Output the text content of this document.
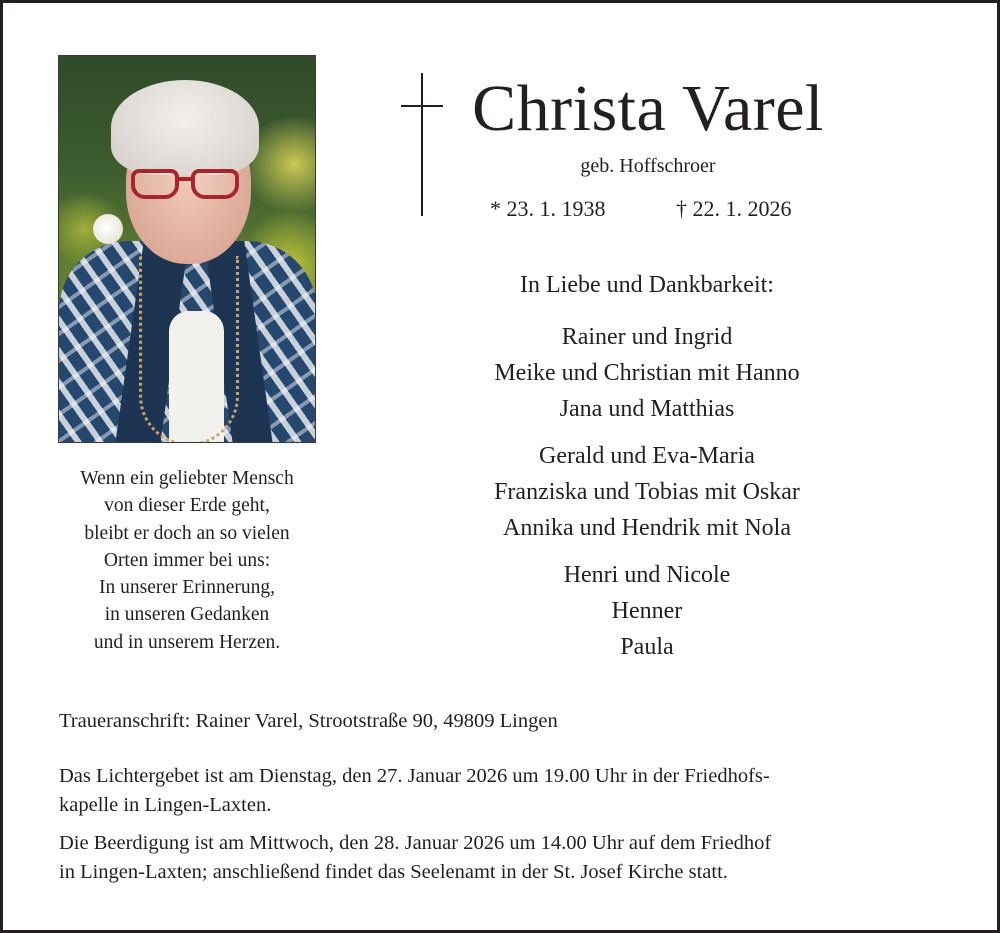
Wenn ein geliebter Mensch
von dieser Erde geht,
bleibt er doch an so vielen
Orten immer bei uns:
In unserer Erinnerung,
in unseren Gedanken
und in unserem Herzen.
Christa Varel
geb. Hoffschroer
* 23. 1. 1938	† 22. 1. 2026
In Liebe und Dankbarkeit:
Rainer und Ingrid
Meike und Christian mit Hanno
Jana und Matthias
Gerald und Eva-Maria
Franziska und Tobias mit Oskar
Annika und Hendrik mit Nola
Henri und Nicole
Henner
Paula
Traueranschrift: Rainer Varel, Strootstraße 90, 49809 Lingen
Das Lichtergebet ist am Dienstag, den 27. Januar 2026 um 19.00 Uhr in der Friedhofs-
kapelle in Lingen-Laxten.
Die Beerdigung ist am Mittwoch, den 28. Januar 2026 um 14.00 Uhr auf dem Friedhof
in Lingen-Laxten; anschließend findet das Seelenamt in der St. Josef Kirche statt.
